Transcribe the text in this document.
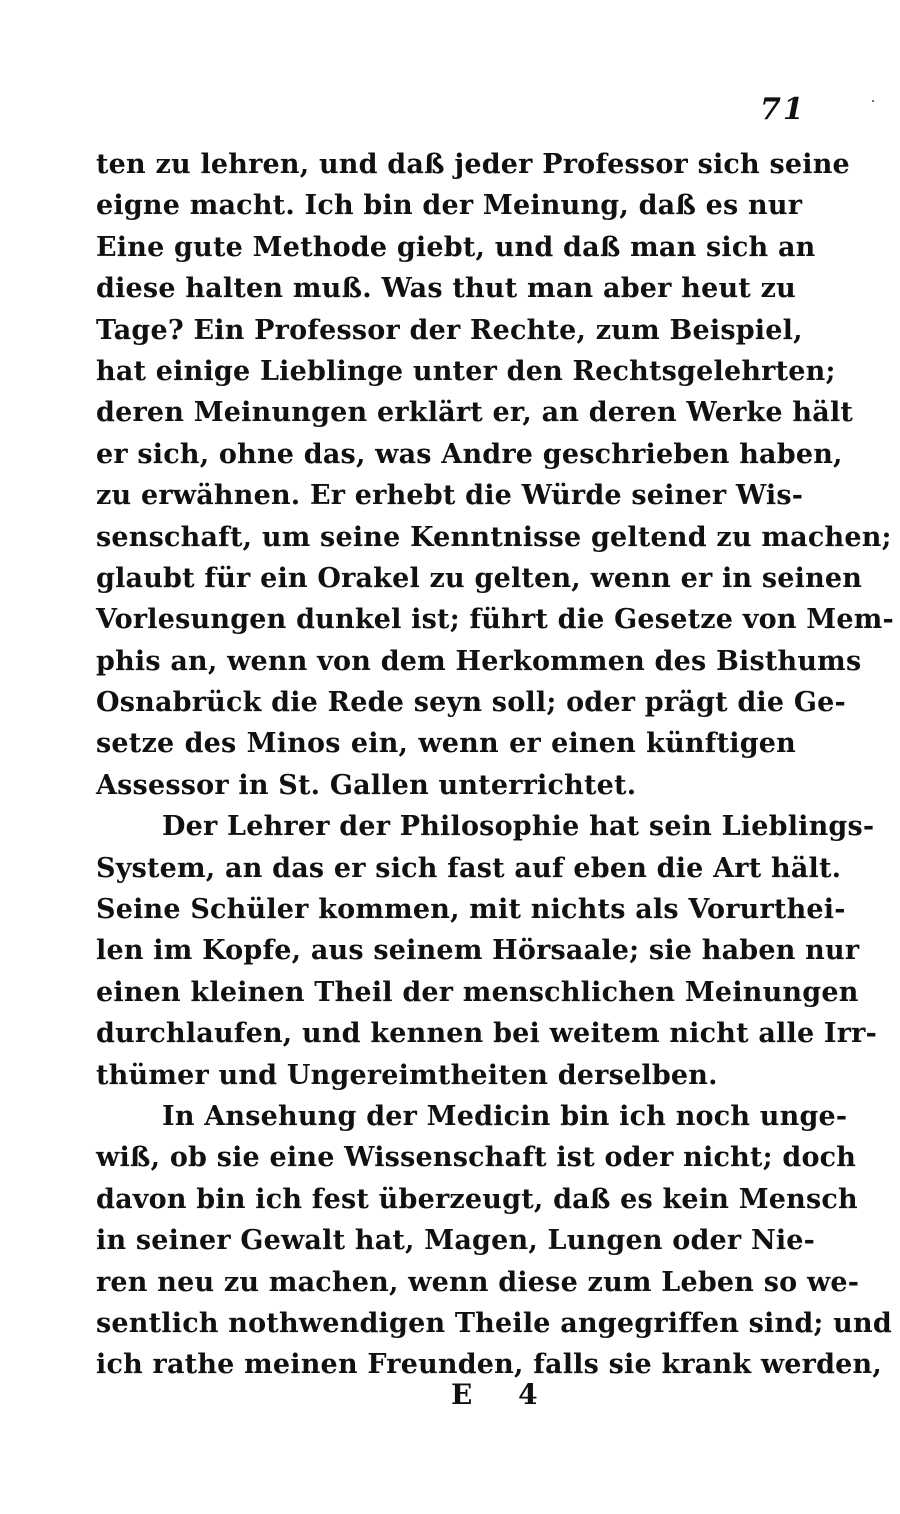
71
ten zu lehren, und daß jeder Professor sich seine
eigne macht. Ich bin der Meinung, daß es nur
Eine gute Methode giebt, und daß man sich an
diese halten muß. Was thut man aber heut zu
Tage? Ein Professor der Rechte, zum Beispiel,
hat einige Lieblinge unter den Rechtsgelehrten;
deren Meinungen erklärt er, an deren Werke hält
er sich, ohne das, was Andre geschrieben haben,
zu erwähnen. Er erhebt die Würde seiner Wis-
senschaft, um seine Kenntnisse geltend zu machen;
glaubt für ein Orakel zu gelten, wenn er in seinen
Vorlesungen dunkel ist; führt die Gesetze von Mem-
phis an, wenn von dem Herkommen des Bisthums
Osnabrück die Rede seyn soll; oder prägt die Ge-
setze des Minos ein, wenn er einen künftigen
Assessor in St. Gallen unterrichtet.
Der Lehrer der Philosophie hat sein Lieblings-
System, an das er sich fast auf eben die Art hält.
Seine Schüler kommen, mit nichts als Vorurthei-
len im Kopfe, aus seinem Hörsaale; sie haben nur
einen kleinen Theil der menschlichen Meinungen
durchlaufen, und kennen bei weitem nicht alle Irr-
thümer und Ungereimtheiten derselben.
In Ansehung der Medicin bin ich noch unge-
wiß, ob sie eine Wissenschaft ist oder nicht; doch
davon bin ich fest überzeugt, daß es kein Mensch
in seiner Gewalt hat, Magen, Lungen oder Nie-
ren neu zu machen, wenn diese zum Leben so we-
sentlich nothwendigen Theile angegriffen sind; und
ich rathe meinen Freunden, falls sie krank werden,
E 4
